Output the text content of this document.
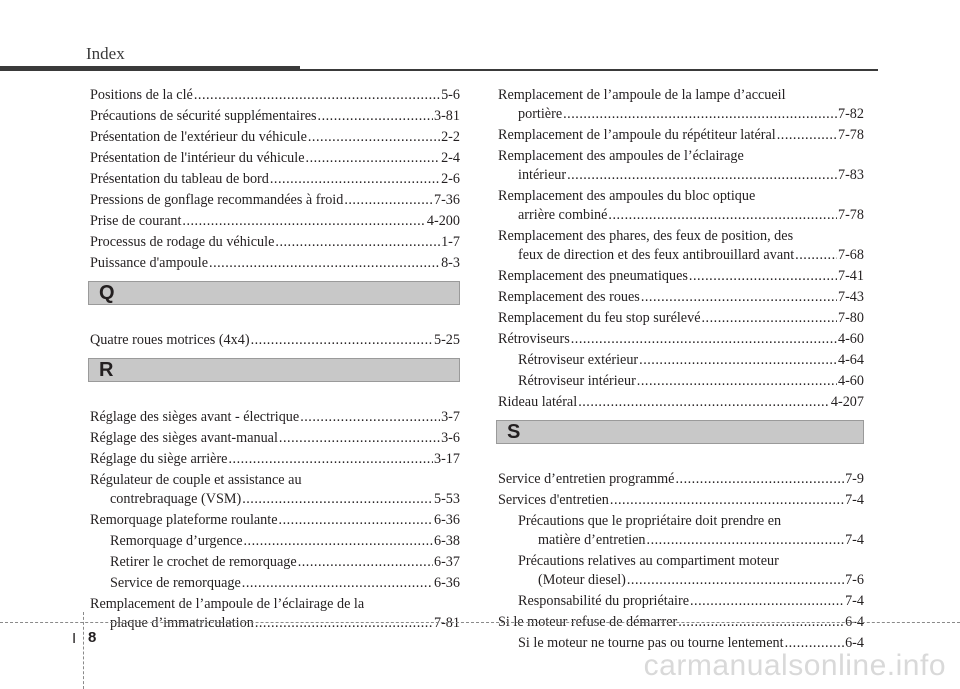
Index
Positions de la clé .....	5-6
Précautions de sécurité supplémentaires .....	3-81
Présentation de l'extérieur du véhicule .....	2-2
Présentation de l'intérieur du véhicule .....	2-4
Présentation du tableau de bord .....	2-6
Pressions de gonflage recommandées à froid .....	7-36
Prise de courant .....	4-200
Processus de rodage du véhicule .....	1-7
Puissance d'ampoule .....	8-3
Q
Quatre roues motrices (4x4) .....	5-25
R
Réglage des sièges avant - électrique .....	3-7
Réglage des sièges avant-manual .....	3-6
Réglage du siège arrière .....	3-17
Régulateur de couple et assistance au
contrebraquage (VSM) .....	5-53
Remorquage plateforme roulante .....	6-36
Remorquage d’urgence .....	6-38
Retirer le crochet de remorquage .....	6-37
Service de remorquage .....	6-36
Remplacement de l’ampoule de l’éclairage de la
plaque d’immatriculation .....	7-81
Remplacement de l’ampoule de la lampe d’accueil
portière .....	7-82
Remplacement de l’ampoule du répétiteur latéral .....	7-78
Remplacement des ampoules de l’éclairage
intérieur .....	7-83
Remplacement des ampoules du bloc optique
arrière combiné .....	7-78
Remplacement des phares, des feux de position, des
feux de direction et des feux antibrouillard avant .....	7-68
Remplacement des pneumatiques .....	7-41
Remplacement des roues .....	7-43
Remplacement du feu stop surélevé .....	7-80
Rétroviseurs .....	4-60
Rétroviseur extérieur .....	4-64
Rétroviseur intérieur .....	4-60
Rideau latéral .....	4-207
S
Service d’entretien programmé .....	7-9
Services d'entretien .....	7-4
Précautions que le propriétaire doit prendre en
matière d’entretien .....	7-4
Précautions relatives au compartiment moteur
(Moteur diesel) .....	7-6
Responsabilité du propriétaire .....	7-4
Si le moteur refuse de démarrer .....	6-4
Si le moteur ne tourne pas ou tourne lentement .....	6-4
I 8
carmanualsonline.info
